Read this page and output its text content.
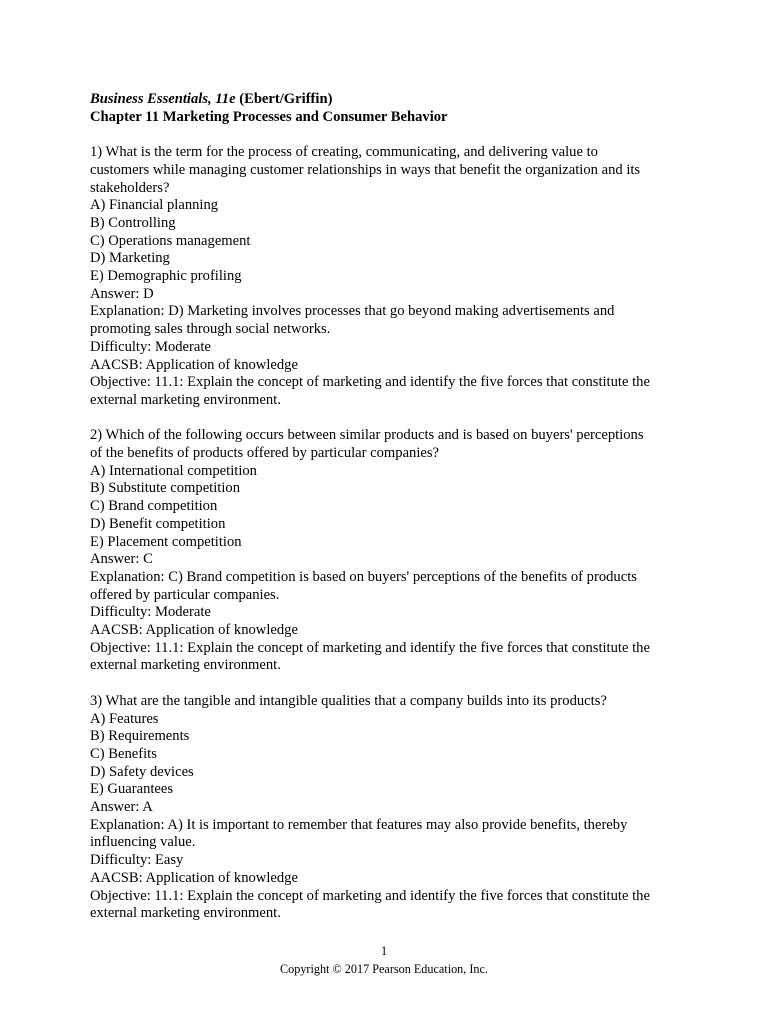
Business Essentials, 11e (Ebert/Griffin)
Chapter 11 Marketing Processes and Consumer Behavior
1) What is the term for the process of creating, communicating, and delivering value to
customers while managing customer relationships in ways that benefit the organization and its
stakeholders?
A) Financial planning
B) Controlling
C) Operations management
D) Marketing
E) Demographic profiling
Answer: D
Explanation: D) Marketing involves processes that go beyond making advertisements and
promoting sales through social networks.
Difficulty: Moderate
AACSB: Application of knowledge
Objective: 11.1: Explain the concept of marketing and identify the five forces that constitute the
external marketing environment.
2) Which of the following occurs between similar products and is based on buyers' perceptions
of the benefits of products offered by particular companies?
A) International competition
B) Substitute competition
C) Brand competition
D) Benefit competition
E) Placement competition
Answer: C
Explanation: C) Brand competition is based on buyers' perceptions of the benefits of products
offered by particular companies.
Difficulty: Moderate
AACSB: Application of knowledge
Objective: 11.1: Explain the concept of marketing and identify the five forces that constitute the
external marketing environment.
3) What are the tangible and intangible qualities that a company builds into its products?
A) Features
B) Requirements
C) Benefits
D) Safety devices
E) Guarantees
Answer: A
Explanation: A) It is important to remember that features may also provide benefits, thereby
influencing value.
Difficulty: Easy
AACSB: Application of knowledge
Objective: 11.1: Explain the concept of marketing and identify the five forces that constitute the
external marketing environment.
1
Copyright © 2017 Pearson Education, Inc.
